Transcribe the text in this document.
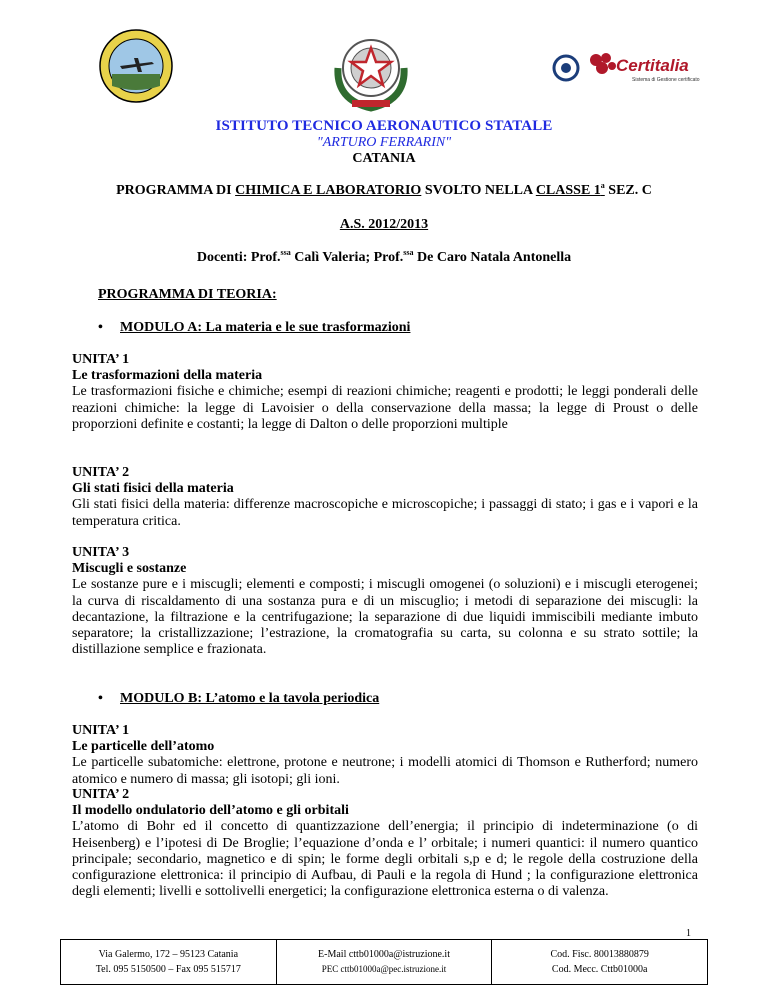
Certitalia
Sistema di Gestione certificato
ISTITUTO TECNICO AERONAUTICO STATALE
"ARTURO FERRARIN"
CATANIA
PROGRAMMA DI CHIMICA E LABORATORIO SVOLTO NELLA CLASSE 1$^a$ SEZ. C
A.S. 2012/2013
Docenti: Prof.$^{ssa}$ Calì Valeria; Prof.$^{ssa}$ De Caro Natala Antonella
PROGRAMMA DI TEORIA:
• MODULO A: La materia e le sue trasformazioni
UNITA’ 1
Le trasformazioni della materia
Le trasformazioni fisiche e chimiche; esempi di reazioni chimiche; reagenti e prodotti; le leggi ponderali delle reazioni chimiche: la legge di Lavoisier o della conservazione della massa; la legge di Proust o delle proporzioni definite e costanti; la legge di Dalton o delle proporzioni multiple
UNITA’ 2
Gli stati fisici della materia
Gli stati fisici della materia: differenze macroscopiche e microscopiche; i passaggi di stato; i gas e i vapori e la temperatura critica.
UNITA’ 3
Miscugli e sostanze
Le sostanze pure e i miscugli; elementi e composti; i miscugli omogenei (o soluzioni) e i miscugli eterogenei; la curva di riscaldamento di una sostanza pura e di un miscuglio; i metodi di separazione dei miscugli: la decantazione, la filtrazione e la centrifugazione; la separazione di due liquidi immiscibili mediante imbuto separatore; la cristallizzazione; l’estrazione, la cromatografia su carta, su colonna e su strato sottile; la distillazione semplice e frazionata.
• MODULO B: L’atomo e la tavola periodica
UNITA’ 1
Le particelle dell’atomo
Le particelle subatomiche: elettrone, protone e neutrone; i modelli atomici di Thomson e Rutherford; numero atomico e numero di massa; gli isotopi; gli ioni.
UNITA’ 2
Il modello ondulatorio dell’atomo e gli orbitali
L’atomo di Bohr ed il concetto di quantizzazione dell’energia; il principio di indeterminazione (o di Heisenberg) e l’ipotesi di De Broglie; l’equazione d’onda e l’ orbitale; i numeri quantici: il numero quantico principale; secondario, magnetico e di spin; le forme degli orbitali s,p e d; le regole della costruzione della configurazione elettronica: il principio di Aufbau, di Pauli e la regola di Hund ; la configurazione elettronica degli elementi; livelli e sottolivelli energetici; la configurazione elettronica esterna o di valenza.
1
Via Galermo, 172 – 95123 Catania
Tel. 095 5150500 – Fax 095 515717
E-Mail cttb01000a@istruzione.it
PEC cttb01000a@pec.istruzione.it
Cod. Fisc. 80013880879
Cod. Mecc. Cttb01000a
